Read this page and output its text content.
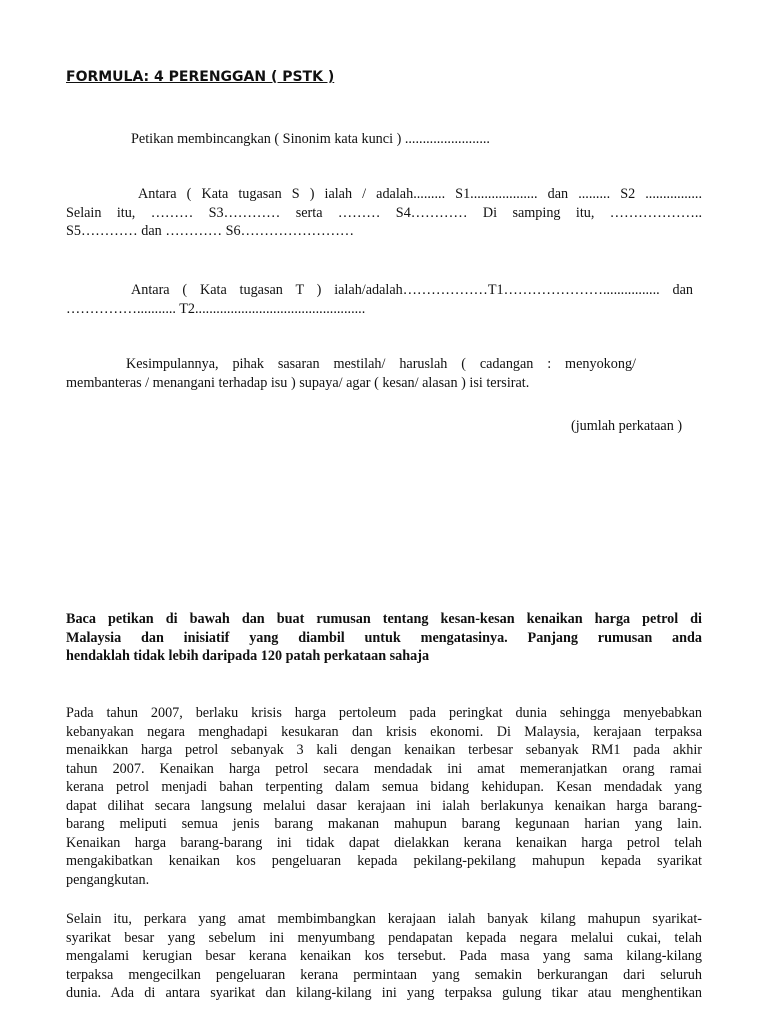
FORMULA: 4 PERENGGAN ( PSTK )
Petikan membincangkan ( Sinonim kata kunci ) ........................
Antara ( Kata tugasan S ) ialah / adalah......... S1................... dan ......... S2 ................
Selain itu, ……… S3………… serta ……… S4………… Di samping itu, ………………..
S5………… dan ………… S6……………………
Antara ( Kata tugasan T ) ialah/adalah………………T1…………………................ dan
……………........... T2................................................
Kesimpulannya, pihak sasaran mestilah/ haruslah ( cadangan : menyokong/
membanteras / menangani terhadap isu ) supaya/ agar ( kesan/ alasan ) isi tersirat.
(jumlah perkataan )
Baca petikan di bawah dan buat rumusan tentang kesan-kesan kenaikan harga petrol di
Malaysia dan inisiatif yang diambil untuk mengatasinya. Panjang rumusan anda
hendaklah tidak lebih daripada 120 patah perkataan sahaja
Pada tahun 2007, berlaku krisis harga pertoleum pada peringkat dunia sehingga menyebabkan
kebanyakan negara menghadapi kesukaran dan krisis ekonomi. Di Malaysia, kerajaan terpaksa
menaikkan harga petrol sebanyak 3 kali dengan kenaikan terbesar sebanyak RM1 pada akhir
tahun 2007. Kenaikan harga petrol secara mendadak ini amat memeranjatkan orang ramai
kerana petrol menjadi bahan terpenting dalam semua bidang kehidupan. Kesan mendadak yang
dapat dilihat secara langsung melalui dasar kerajaan ini ialah berlakunya kenaikan harga barang-
barang meliputi semua jenis barang makanan mahupun barang kegunaan harian yang lain.
Kenaikan harga barang-barang ini tidak dapat dielakkan kerana kenaikan harga petrol telah
mengakibatkan kenaikan kos pengeluaran kepada pekilang-pekilang mahupun kepada syarikat
pengangkutan.
Selain itu, perkara yang amat membimbangkan kerajaan ialah banyak kilang mahupun syarikat-
syarikat besar yang sebelum ini menyumbang pendapatan kepada negara melalui cukai, telah
mengalami kerugian besar kerana kenaikan kos tersebut. Pada masa yang sama kilang-kilang
terpaksa mengecilkan pengeluaran kerana permintaan yang semakin berkurangan dari seluruh
dunia. Ada di antara syarikat dan kilang-kilang ini yang terpaksa gulung tikar atau menghentikan
